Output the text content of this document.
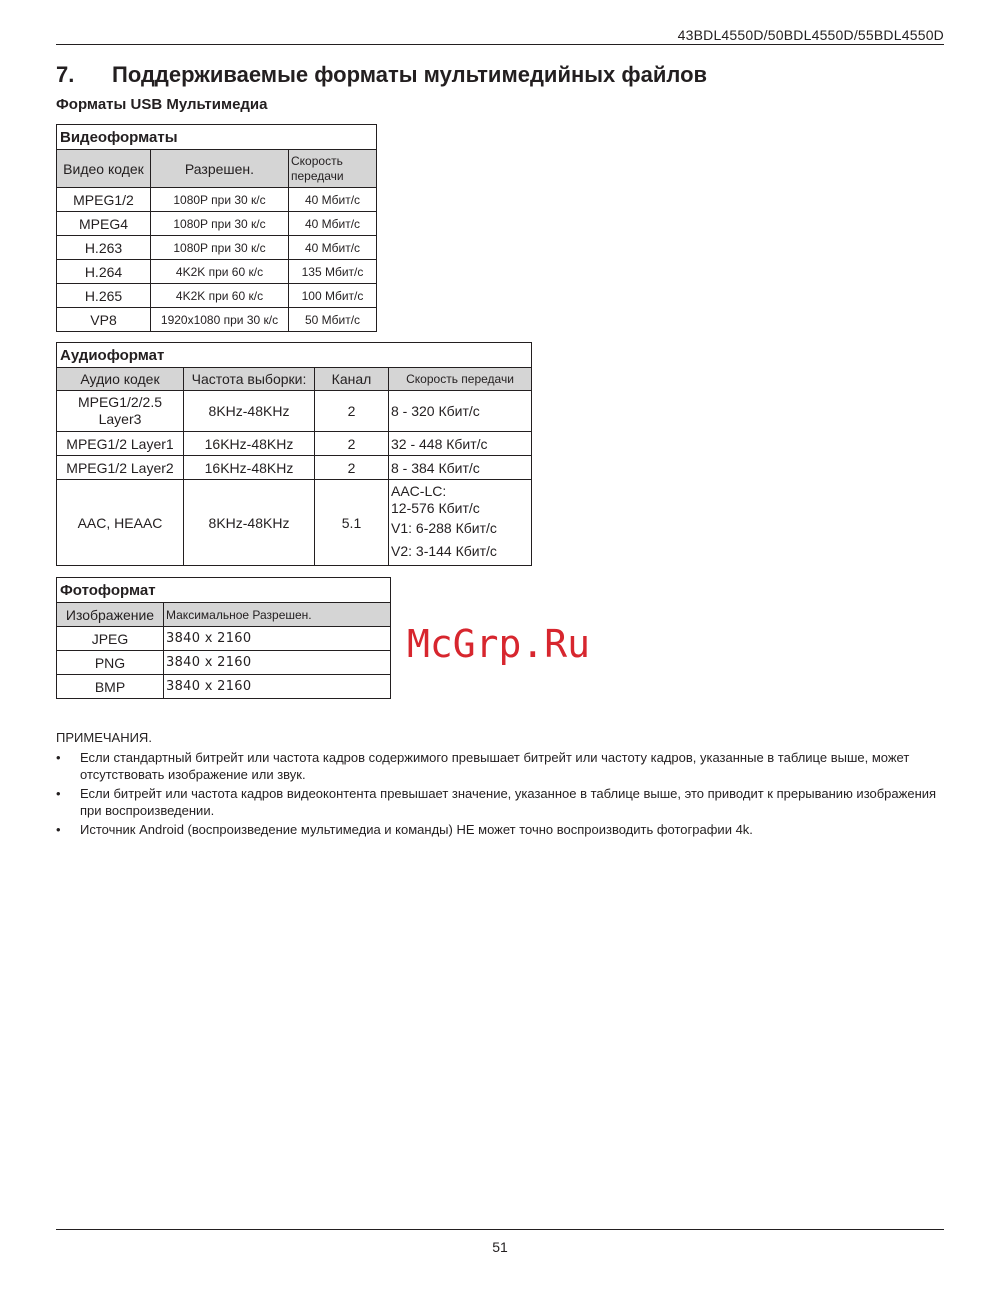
43BDL4550D/50BDL4550D/55BDL4550D
7. Поддерживаемые форматы мультимедийных файлов
Форматы USB Мультимедиа
Видеоформаты		
Видео кодек	Разрешен.	Скорость передачи
MPEG1/2	1080P при 30 к/с	40 Мбит/с
MPEG4	1080P при 30 к/с	40 Мбит/с
H.263	1080P при 30 к/с	40 Мбит/с
H.264	4K2K при 60 к/с	135 Мбит/с
H.265	4K2K при 60 к/с	100 Мбит/с
VP8	1920x1080 при 30 к/с	50 Мбит/с
Аудиоформат			
Аудио кодек	Частота выборки:	Канал	Скорость передачи
MPEG1/2/2.5 Layer3	8KHz-48KHz	2	8 - 320 Кбит/с
MPEG1/2 Layer1	16KHz-48KHz	2	32 - 448 Кбит/с
MPEG1/2 Layer2	16KHz-48KHz	2	8 - 384 Кбит/с
AAC, HEAAC	8KHz-48KHz	5.1	AAC-LC:
12-576 Кбит/с
V1: 6-288 Кбит/с
V2: 3-144 Кбит/с
Фотоформат	
Изображение	Максимальное Разрешен.
JPEG	3840 x 2160
PNG	3840 x 2160
BMP	3840 x 2160
McGrp.Ru
ПРИМЕЧАНИЯ.
• Если стандартный битрейт или частота кадров содержимого превышает битрейт или частоту кадров, указанные в таблице выше, может отсутствовать изображение или звук.
• Если битрейт или частота кадров видеоконтента превышает значение, указанное в таблице выше, это приводит к прерыванию изображения при воспроизведении.
• Источник Android (воспроизведение мультимедиа и команды) НЕ может точно воспроизводить фотографии 4k.
51
